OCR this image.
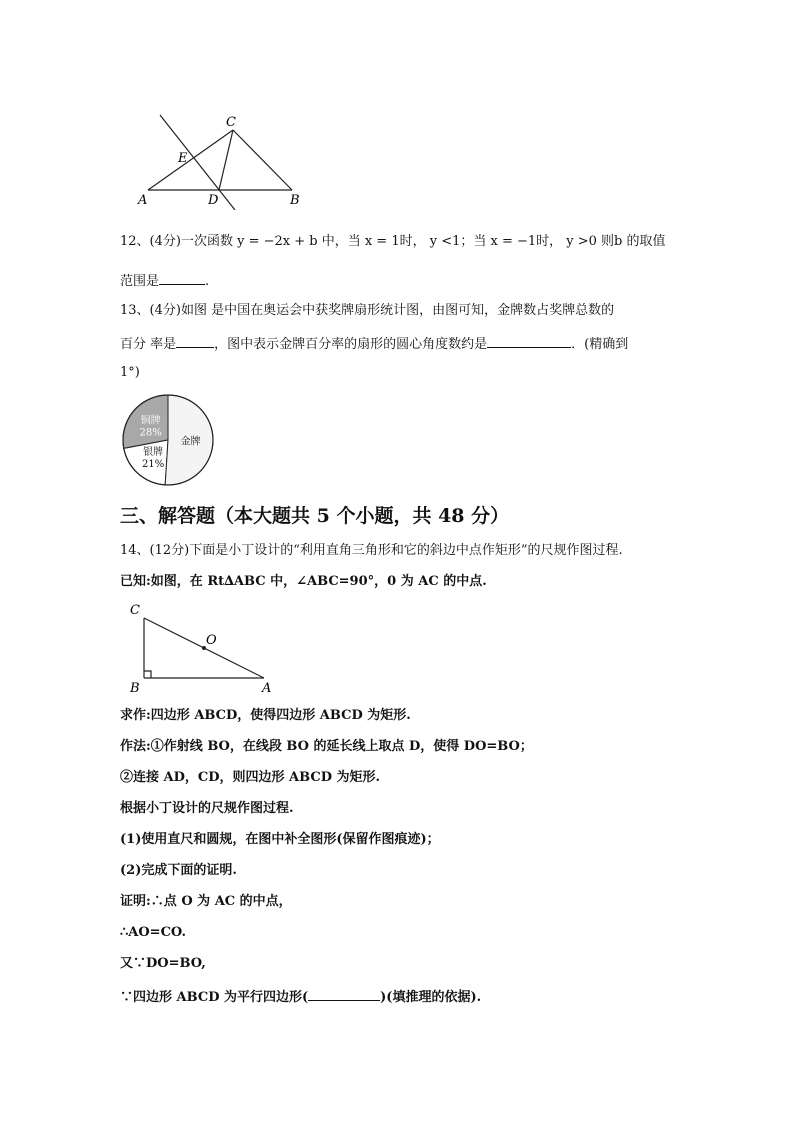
C
E
A	D	B
12、(4分)一次函数 y = −2x + b 中，当 x = 1时， y <1；当 x = −1时， y >0 则b 的取值
范围是	.
13、(4分)如图 是中国在奥运会中获奖牌扇形统计图，由图可知，金牌数占奖牌总数的
百分 率是	，图中表示金牌百分率的扇形的圆心角度数约是	．(精确到
1°)
铜牌
28%
银牌
21%
金牌
三、解答题（本大题共 5 个小题，共 48 分）
14、(12分)下面是小丁设计的“利用直角三角形和它的斜边中点作矩形”的尺规作图过程.
已知:如图，在 Rt∆ABC 中，∠ABC=90°，0 为 AC 的中点.
C
O
B	A
求作:四边形 ABCD，使得四边形 ABCD 为矩形.
作法:①作射线 BO，在线段 BO 的延长线上取点 D，使得 DO=BO；
②连接 AD，CD，则四边形 ABCD 为矩形.
根据小丁设计的尺规作图过程.
(1)使用直尺和圆规，在图中补全图形(保留作图痕迹)；
(2)完成下面的证明.
证明:∴点 O 为 AC 的中点，
∴AO=CO.
又∵DO=BO,
∵四边形 ABCD 为平行四边形(	)(填推理的依据).
